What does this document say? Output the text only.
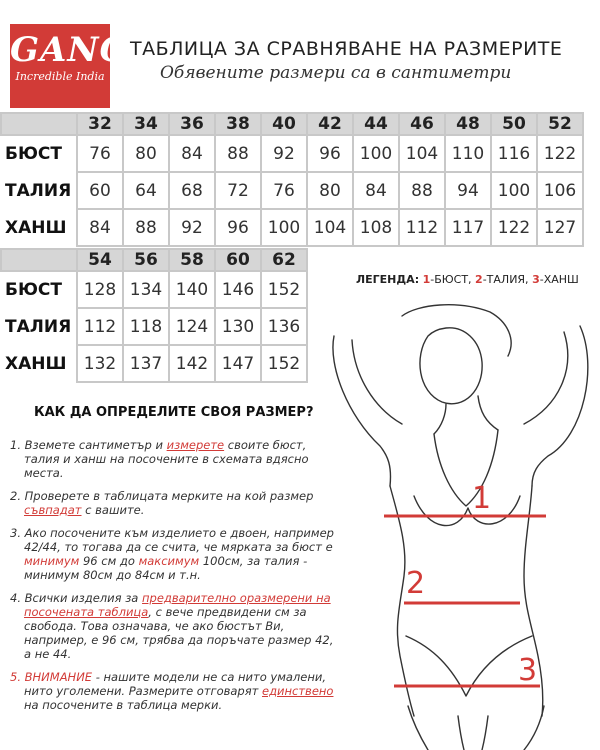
GANG
Incredible India
ТАБЛИЦА ЗА СРАВНЯВАНЕ НА РАЗМЕРИТЕ
Обявените размери са в сантиметри
	32	34	36	38	40	42	44	46	48	50	52
БЮСТ	76	80	84	88	92	96	100	104	110	116	122
ТАЛИЯ	60	64	68	72	76	80	84	88	94	100	106
ХАНШ	84	88	92	96	100	104	108	112	117	122	127
	54	56	58	60	62
БЮСТ	128	134	140	146	152
ТАЛИЯ	112	118	124	130	136
ХАНШ	132	137	142	147	152
ЛЕГЕНДА: 1-БЮСТ, 2-ТАЛИЯ, 3-ХАНШ
КАК ДА ОПРЕДЕЛИТЕ СВОЯ РАЗМЕР?
1. Вземете сантиметър и измерете своите бюст, талия и ханш на посочените в схемата вдясно места.
2. Проверете в таблицата мерките на кой размер съвпадат с вашите.
3. Ако посочените към изделието е двоен, например 42/44, то тогава да се счита, че мярката за бюст е минимум 96 см до максимум 100см, за талия - минимум 80см до 84см и т.н.
4. Всички изделия за предварително оразмерени на посочената таблица, с вече предвидени см за свобода. Това означава, че ако бюстът Ви, например, е 96 см, трябва да поръчате размер 42, а не 44.
5. ВНИМАНИЕ - нашите модели не са нито умалени, нито уголемени. Размерите отговарят единствено на посочените в таблица мерки.
1
2
3
